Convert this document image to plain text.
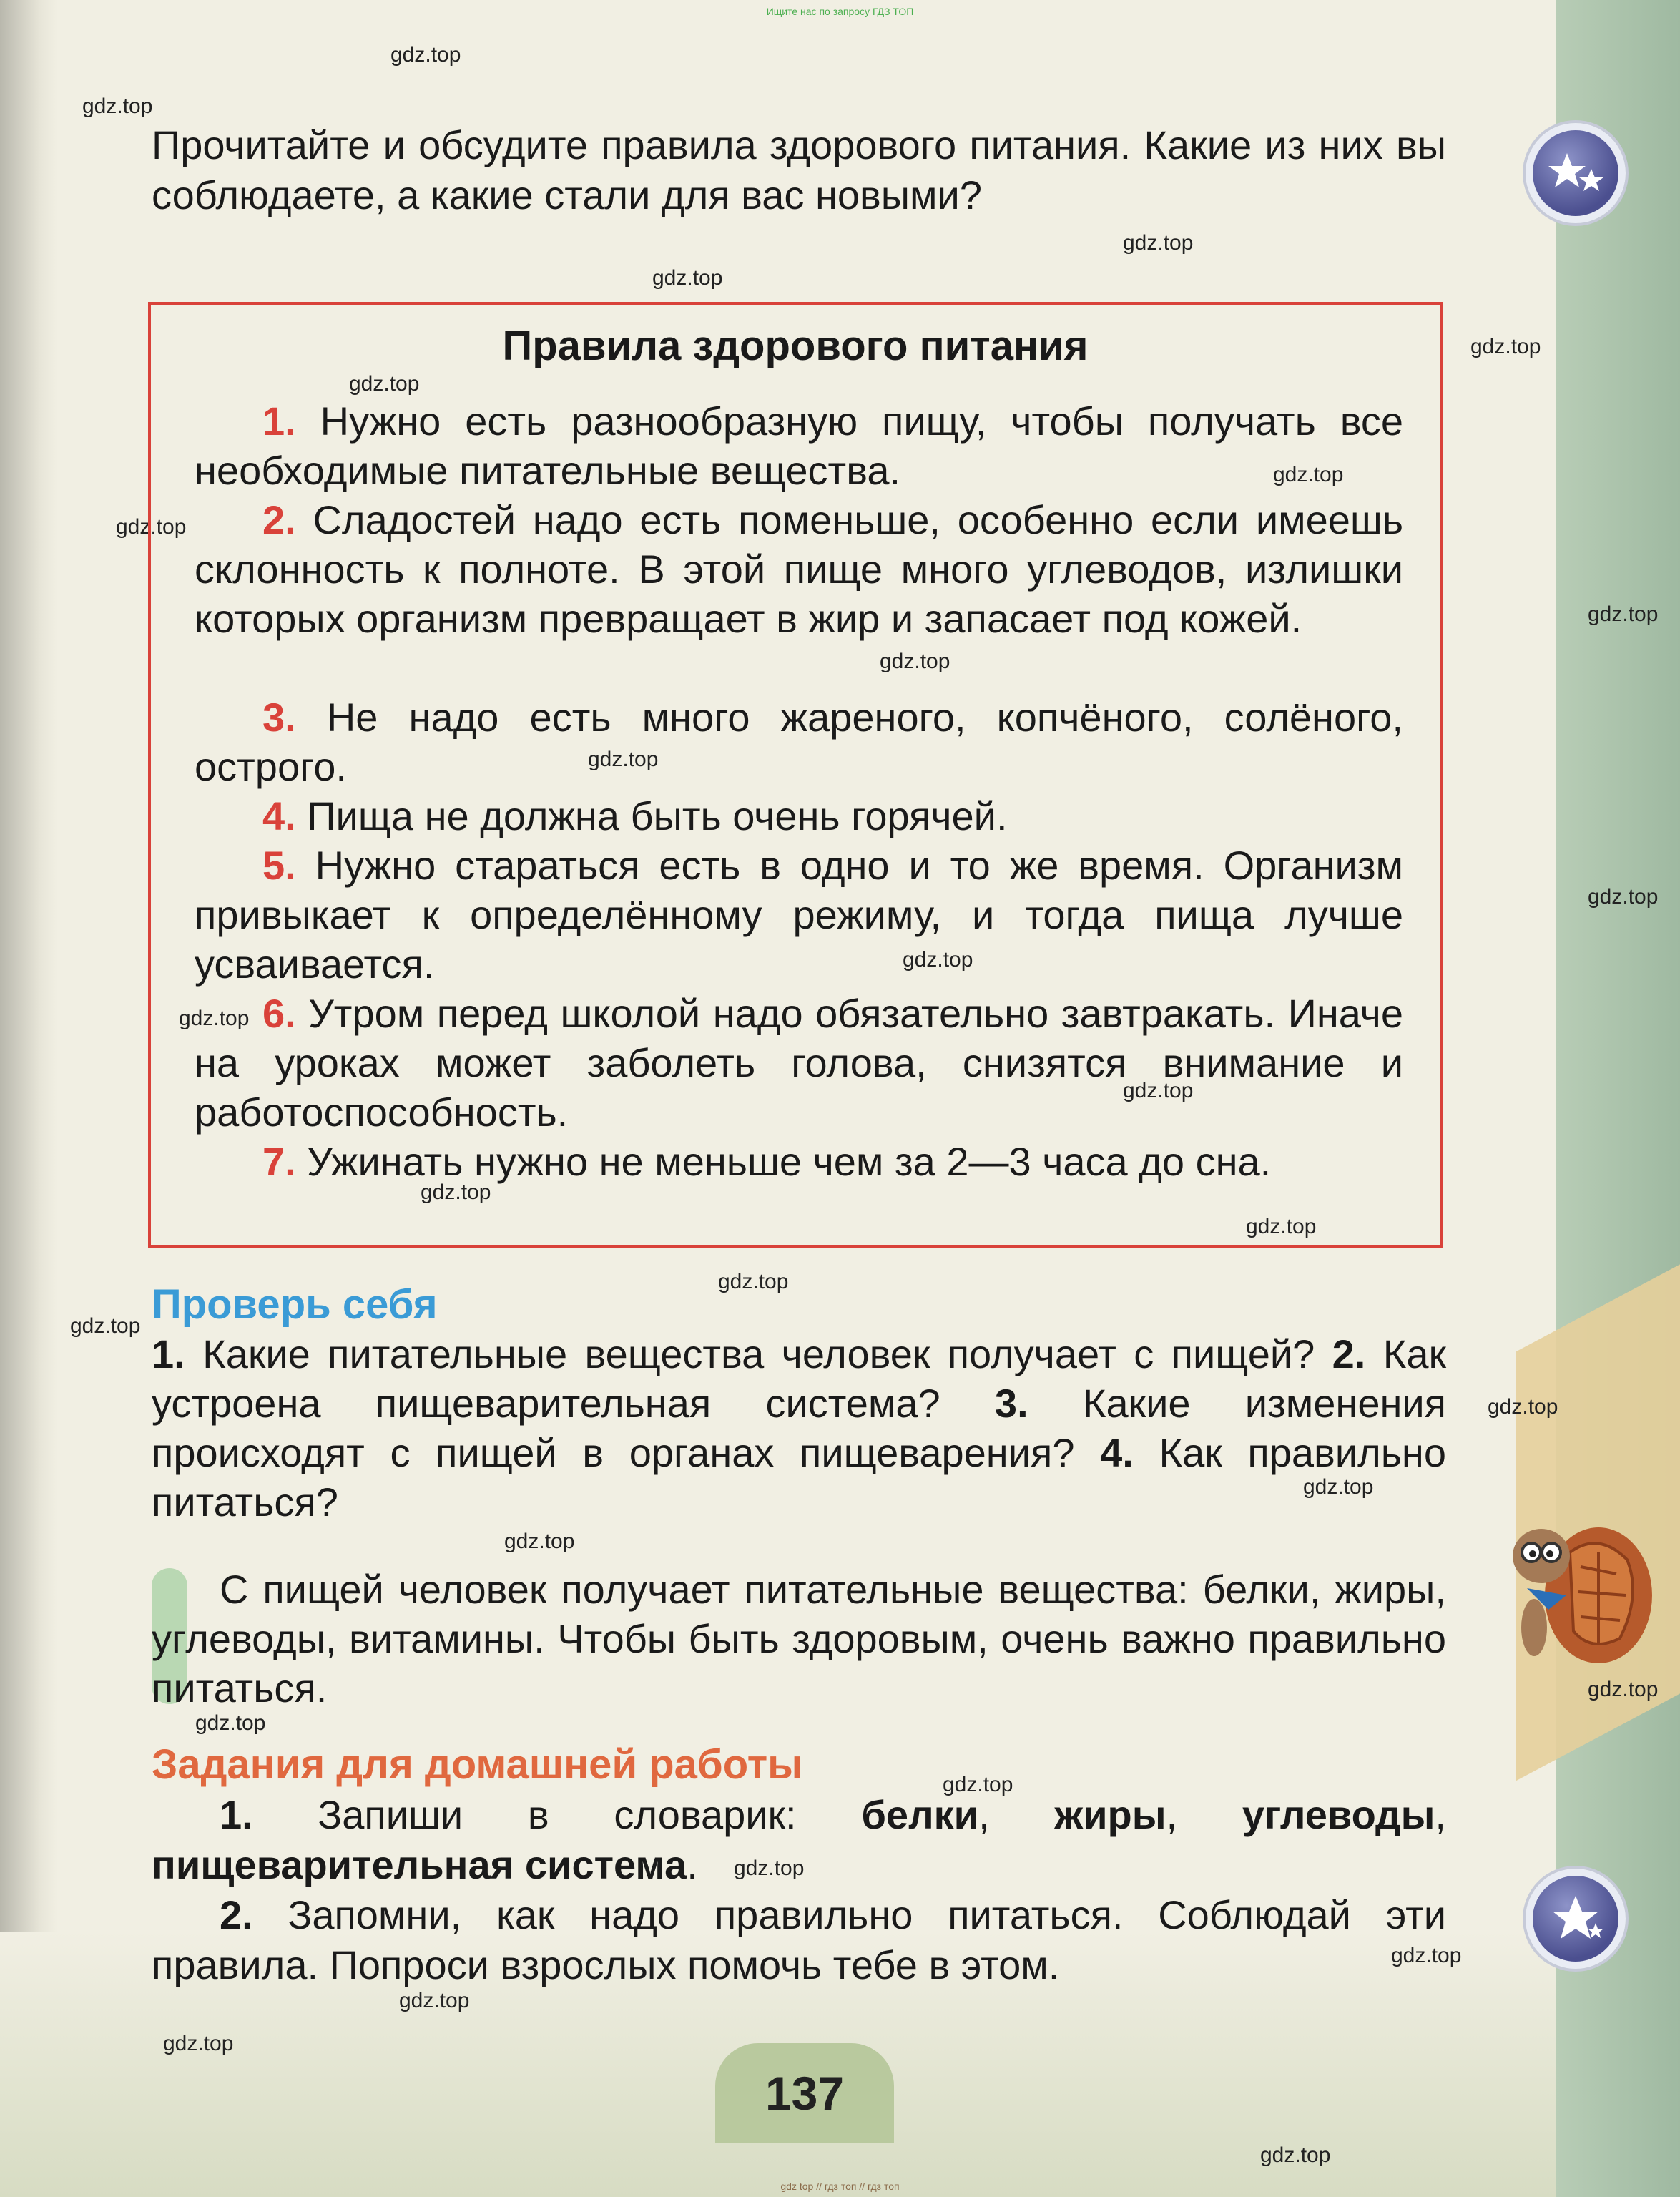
Ищите нас по запросу ГДЗ ТОП
gdz.top
gdz.top
gdz.top
gdz.top
gdz.top
gdz.top
gdz.top
gdz.top
gdz.top
gdz.top
gdz.top
gdz.top
gdz.top
gdz.top
gdz.top
gdz.top
gdz.top
gdz.top
gdz.top
gdz.top
gdz.top
gdz.top
gdz.top
gdz.top
gdz.top
gdz.top
gdz.top
gdz.top
gdz.top
gdz.top
Прочитайте и обсудите правила здорового питания. Какие из них вы соблюдаете, а какие стали для вас новыми?
Правила здорового питания
1. Нужно есть разнообразную пищу, чтобы получать все необходимые питательные вещества.
2. Сладостей надо есть поменьше, особенно если имеешь склонность к полноте. В этой пище много углеводов, излишки которых организм превращает в жир и запасает под кожей.
3. Не надо есть много жареного, копчёного, солёного, острого.
4. Пища не должна быть очень горячей.
5. Нужно стараться есть в одно и то же время. Организм привыкает к определённому режиму, и тогда пища лучше усваивается.
6. Утром перед школой надо обязательно завтракать. Иначе на уроках может заболеть голова, снизятся внимание и работоспособность.
7. Ужинать нужно не меньше чем за 2—3 часа до сна.
Проверь себя
1. Какие питательные вещества человек получает с пищей? 2. Как устроена пищеварительная система? 3. Какие изменения происходят с пищей в органах пищеварения? 4. Как правильно питаться?
С пищей человек получает питательные вещества: белки, жиры, углеводы, витамины. Чтобы быть здоровым, очень важно правильно питаться.
Задания для домашней работы

1. Запиши в словарик: белки, жиры, углеводы, пищеварительная система.

2. Запомни, как надо правильно питаться. Соблюдай эти правила. Попроси взрослых помочь тебе в этом.

137
gdz top // гдз топ // гдз топ
